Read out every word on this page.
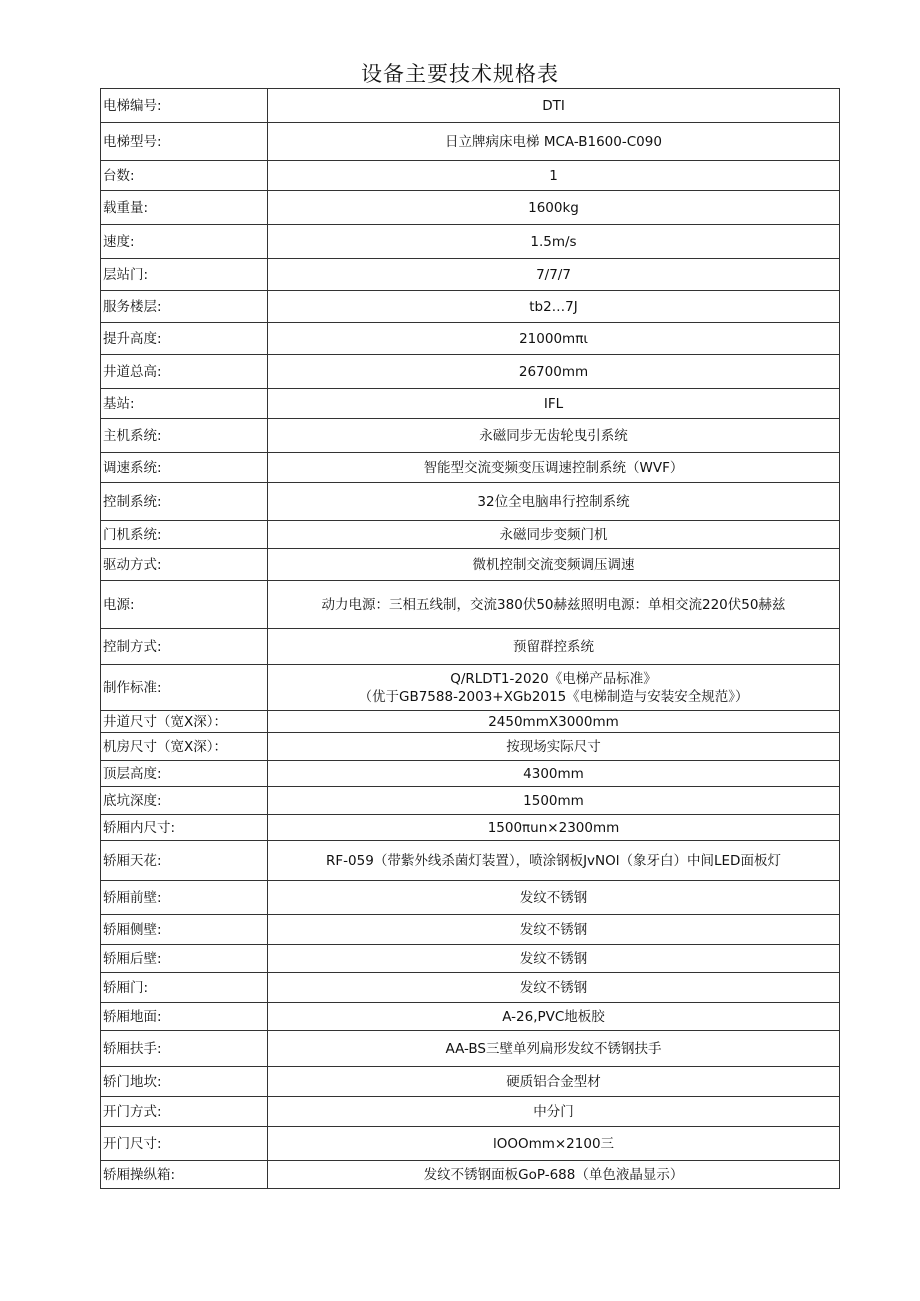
设备主要技术规格表
电梯编号:	DTI

电梯型号:	日立牌病床电梯 MCA-B1600-C090

台数:	1

载重量:	1600kg

速度:	1.5m∕s

层站门:	7/7/7

服务楼层:	tb2…7J

提升高度:	21000mπι

井道总高:	26700mm

基站:	IFL

主机系统:	永磁同步无齿轮曳引系统

调速系统:	智能型交流变频变压调速控制系统（WVF）

控制系统:	32位全电脑串行控制系统

门机系统:	永磁同步变频门机

驱动方式:	微机控制交流变频调压调速

电源:	动力电源：三相五线制，交流380伏50赫兹照明电源：单相交流220伏50赫兹

控制方式:	预留群控系统

制作标准:	Q/RLDT1-2020《电梯产品标准》
（优于GB7588-2003+XGb2015《电梯制造与安装安全规范》）

井道尺寸（宽X深）：	2450mmX3000mm

机房尺寸（宽X深）：	按现场实际尺寸

顶层高度:	4300mm

底坑深度:	1500mm

轿厢内尺寸:	1500πun×2300mm

轿厢天花:	RF-059（带紫外线杀菌灯装置），喷涂钢板JvNOl（象牙白）中间LED面板灯

轿厢前壁:	发纹不锈钢

轿厢侧壁:	发纹不锈钢

轿厢后壁:	发纹不锈钢

轿厢门:	发纹不锈钢

轿厢地面:	A-26,PVC地板胶

轿厢扶手:	AA-BS三壁单列扁形发纹不锈钢扶手

轿门地坎:	硬质铝合金型材

开门方式:	中分门

开门尺寸:	lOOOmm×2100三

轿厢操纵箱:	发纹不锈钢面板GoP-688（单色液晶显示）
